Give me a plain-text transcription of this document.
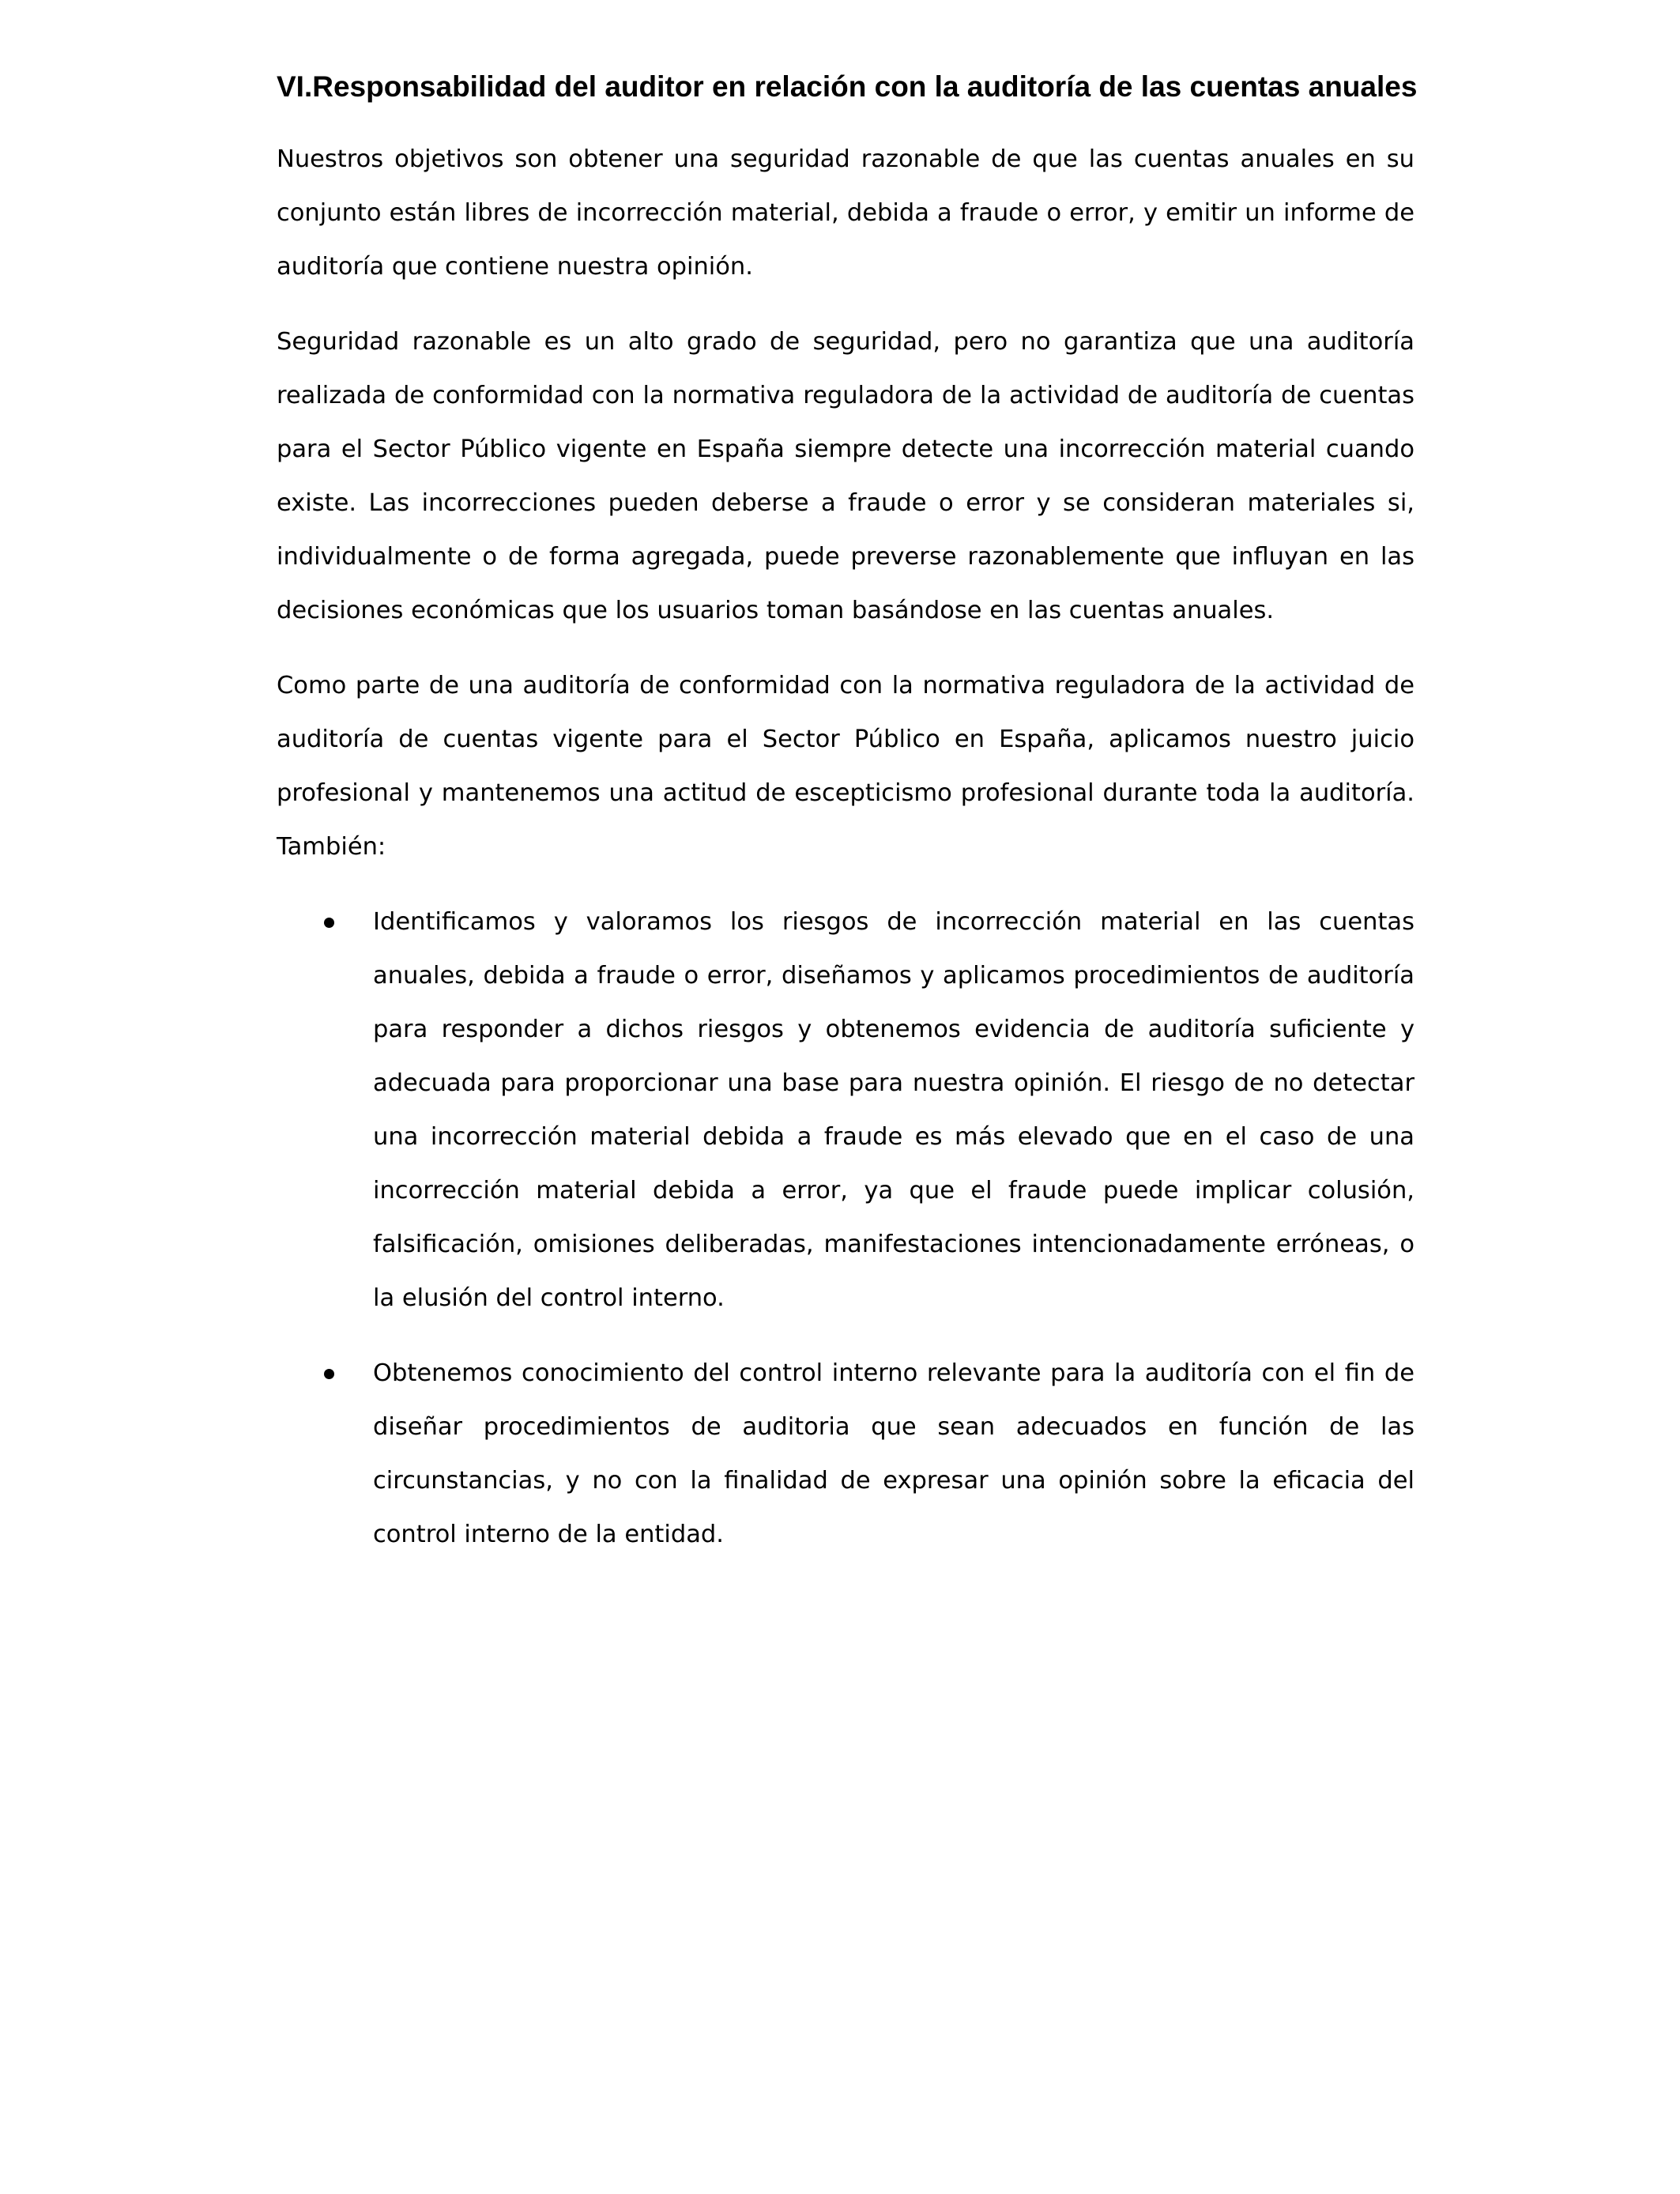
VI. Responsabilidad del auditor en relación con la auditoría de las cuentas anuales

Nuestros objetivos son obtener una seguridad razonable de que las cuentas anuales en su conjunto están libres de incorrección material, debida a fraude o error, y emitir un informe de auditoría que contiene nuestra opinión.

Seguridad razonable es un alto grado de seguridad, pero no garantiza que una auditoría realizada de conformidad con la normativa reguladora de la actividad de auditoría de cuentas para el Sector Público vigente en España siempre detecte una incorrección material cuando existe. Las incorrecciones pueden deberse a fraude o error y se consideran materiales si, individualmente o de forma agregada, puede preverse razonablemente que influyan en las decisiones económicas que los usuarios toman basándose en las cuentas anuales.

Como parte de una auditoría de conformidad con la normativa reguladora de la actividad de auditoría de cuentas vigente para el Sector Público en España, aplicamos nuestro juicio profesional y mantenemos una actitud de escepticismo profesional durante toda la auditoría. También:

Identificamos y valoramos los riesgos de incorrección material en las cuentas anuales, debida a fraude o error, diseñamos y aplicamos procedimientos de auditoría para responder a dichos riesgos y obtenemos evidencia de auditoría suficiente y adecuada para proporcionar una base para nuestra opinión. El riesgo de no detectar una incorrección material debida a fraude es más elevado que en el caso de una incorrección material debida a error, ya que el fraude puede implicar colusión, falsificación, omisiones deliberadas, manifestaciones intencionadamente erróneas, o la elusión del control interno.

Obtenemos conocimiento del control interno relevante para la auditoría con el fin de diseñar procedimientos de auditoria que sean adecuados en función de las circunstancias, y no con la finalidad de expresar una opinión sobre la eficacia del control interno de la entidad.
